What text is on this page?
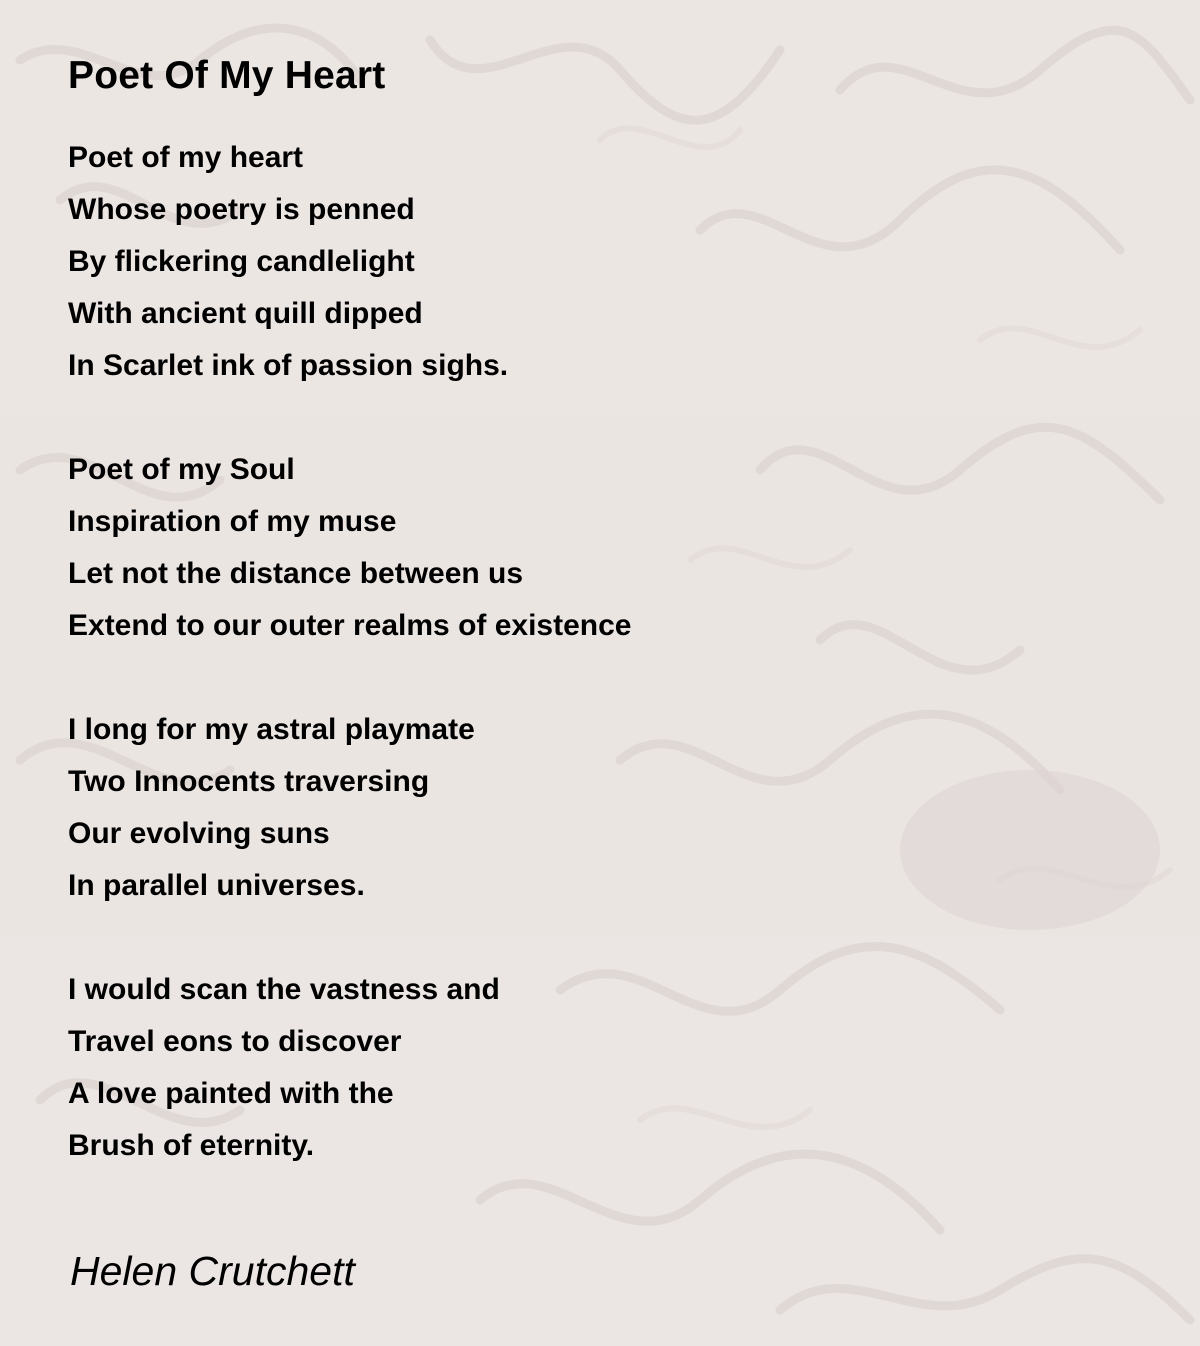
Poet Of My Heart
Poet of my heart
Whose poetry is penned
By flickering candlelight
With ancient quill dipped
In Scarlet ink of passion sighs.
Poet of my Soul
Inspiration of my muse
Let not the distance between us
Extend to our outer realms of existence
I long for my astral playmate
Two Innocents traversing
Our evolving suns
In parallel universes.
I would scan the vastness and
Travel eons to discover
A love painted with the
Brush of eternity.
Helen Crutchett
